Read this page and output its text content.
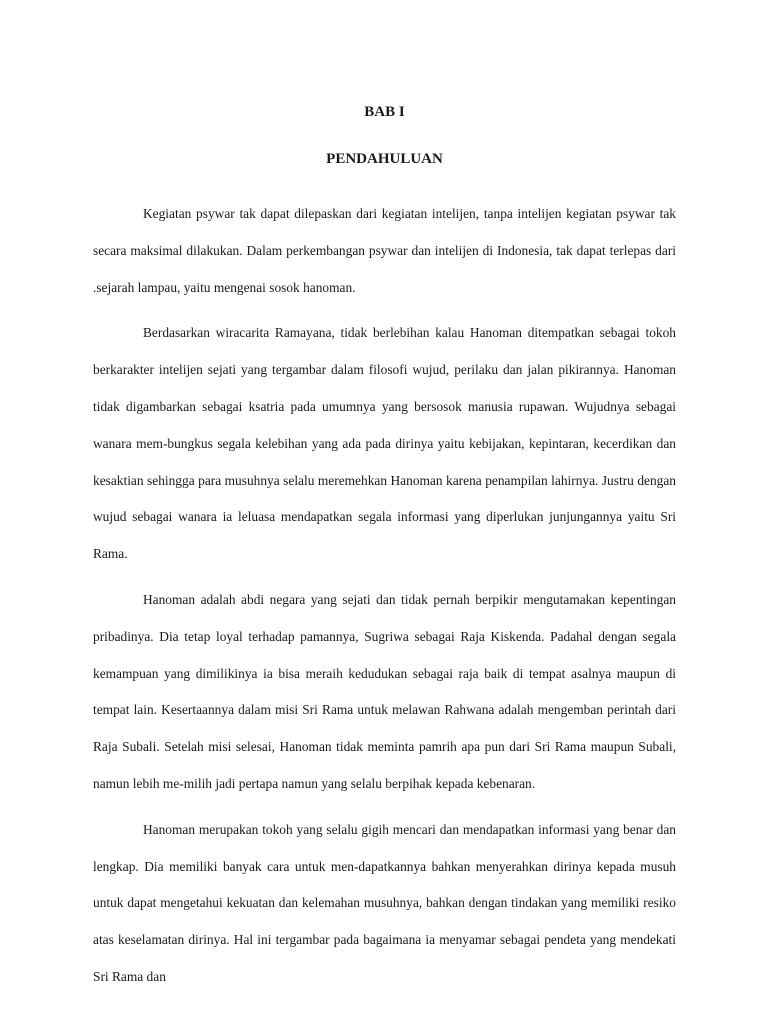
BAB I
PENDAHULUAN

Kegiatan psywar tak dapat dilepaskan dari kegiatan intelijen, tanpa intelijen kegiatan psywar tak secara maksimal dilakukan. Dalam perkembangan psywar dan intelijen di Indonesia, tak dapat terlepas dari .sejarah lampau, yaitu mengenai sosok hanoman.

Berdasarkan wiracarita Ramayana, tidak berlebihan kalau Hanoman ditempatkan sebagai tokoh berkarakter intelijen sejati yang tergambar dalam filosofi wujud, perilaku dan jalan pikirannya. Hanoman tidak digambarkan sebagai ksatria pada umumnya yang bersosok manusia rupawan. Wujudnya sebagai wanara mem-bungkus segala kelebihan yang ada pada dirinya yaitu kebijakan, kepintaran, kecerdikan dan kesaktian sehingga para musuhnya selalu meremehkan Hanoman karena penampilan lahirnya. Justru dengan wujud sebagai wanara ia leluasa mendapatkan segala informasi yang diperlukan junjungannya yaitu Sri Rama.

Hanoman adalah abdi negara yang sejati dan tidak pernah berpikir mengutamakan kepentingan pribadinya. Dia tetap loyal terhadap pamannya, Sugriwa sebagai Raja Kiskenda. Padahal dengan segala kemampuan yang dimilikinya ia bisa meraih kedudukan sebagai raja baik di tempat asalnya maupun di tempat lain. Kesertaannya dalam misi Sri Rama untuk melawan Rahwana adalah mengemban perintah dari Raja Subali. Setelah misi selesai, Hanoman tidak meminta pamrih apa pun dari Sri Rama maupun Subali, namun lebih me-milih jadi pertapa namun yang selalu berpihak kepada kebenaran.

Hanoman merupakan tokoh yang selalu gigih mencari dan mendapatkan informasi yang benar dan lengkap. Dia memiliki banyak cara untuk men-dapatkannya bahkan menyerahkan dirinya kepada musuh untuk dapat mengetahui kekuatan dan kelemahan musuhnya, bahkan dengan tindakan yang memiliki resiko atas keselamatan dirinya. Hal ini tergambar pada bagaimana ia menyamar sebagai pendeta yang mendekati Sri Rama dan
